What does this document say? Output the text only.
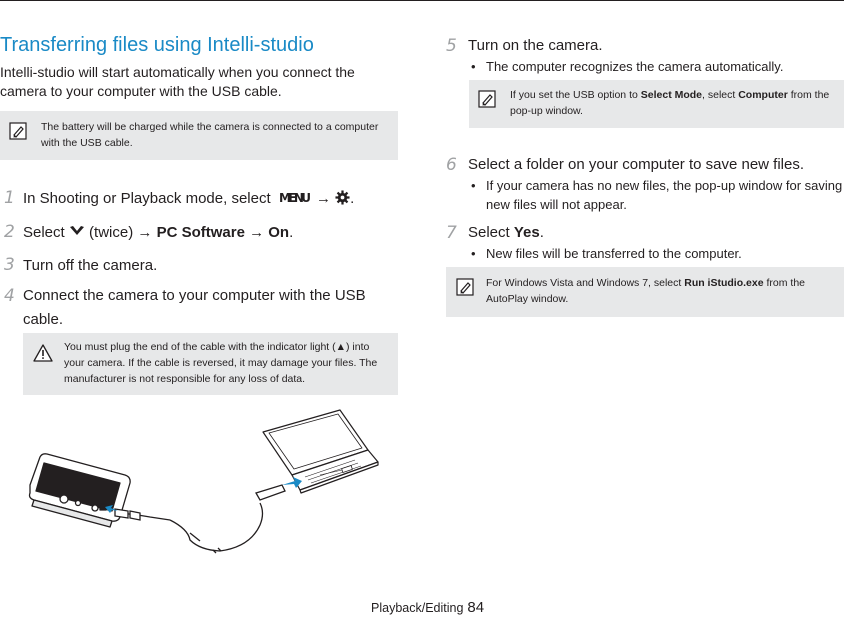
Transferring files using Intelli-studio
Intelli-studio will start automatically when you connect the camera to your computer with the USB cable.
The battery will be charged while the camera is connected to a computer with the USB cable.
1 In Shooting or Playback mode, select MENU → .
2 Select (twice) → PC Software → On.
3 Turn off the camera.
4 Connect the camera to your computer with the USB
cable.
You must plug the end of the cable with the indicator light (▲) into
your camera. If the cable is reversed, it may damage your files. The
manufacturer is not responsible for any loss of data.
5 Turn on the camera.
• The computer recognizes the camera automatically.
If you set the USB option to Select Mode, select Computer from the
pop-up window.
6 Select a folder on your computer to save new files.
• If your camera has no new files, the pop-up window for saving
new files will not appear.
7 Select Yes.
• New files will be transferred to the computer.
For Windows Vista and Windows 7, select Run iStudio.exe from the
AutoPlay window.
Playback/Editing 84
